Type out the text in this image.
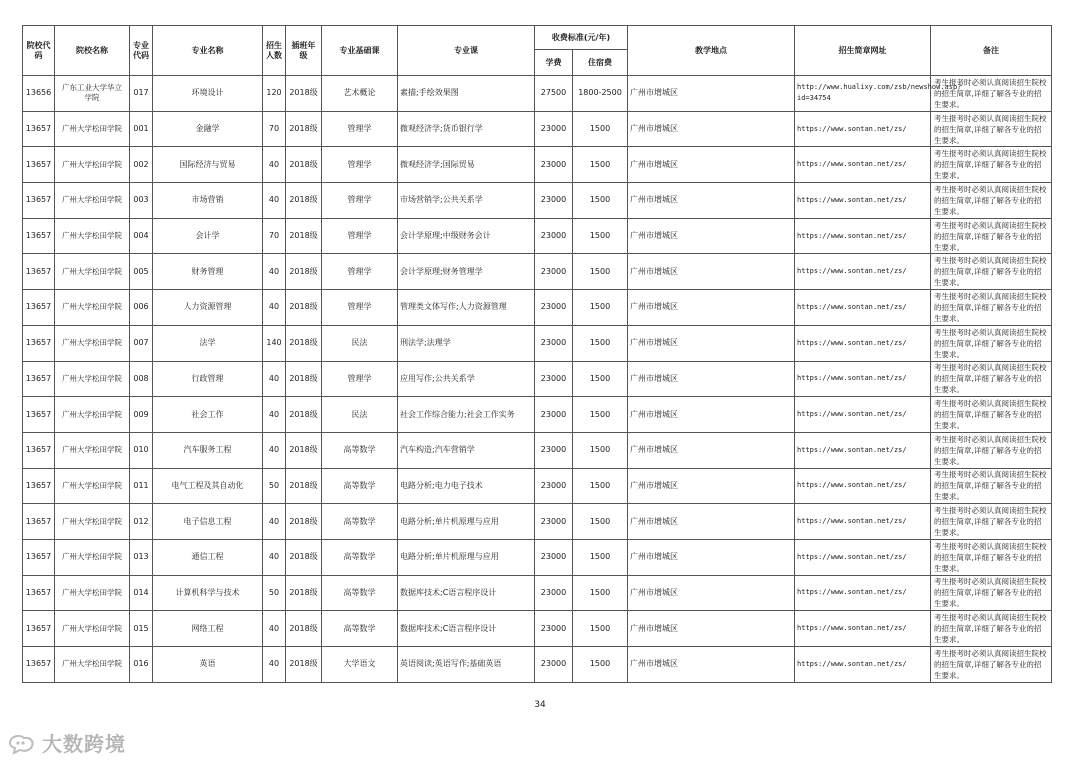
院校代码	院校名称	专业代码	专业名称	招生人数	插班年级	专业基础课	专业课	收费标准(元/年)		教学地点	招生简章网址	备注
								学费	住宿费			
13656	广东工业大学华立学院	017	环境设计	120	2018级	艺术概论	素描;手绘效果图	27500	1800-2500	广州市增城区	http://www.hualixy.com/zsb/newshow.asp?id=34754	考生报考时必须认真阅读招生院校的招生简章,详细了解各专业的招生要求。
13657	广州大学松田学院	001	金融学	70	2018级	管理学	微观经济学;货币银行学	23000	1500	广州市增城区	https://www.sontan.net/zs/	考生报考时必须认真阅读招生院校的招生简章,详细了解各专业的招生要求。
13657	广州大学松田学院	002	国际经济与贸易	40	2018级	管理学	微观经济学;国际贸易	23000	1500	广州市增城区	https://www.sontan.net/zs/	考生报考时必须认真阅读招生院校的招生简章,详细了解各专业的招生要求。
13657	广州大学松田学院	003	市场营销	40	2018级	管理学	市场营销学;公共关系学	23000	1500	广州市增城区	https://www.sontan.net/zs/	考生报考时必须认真阅读招生院校的招生简章,详细了解各专业的招生要求。
13657	广州大学松田学院	004	会计学	70	2018级	管理学	会计学原理;中级财务会计	23000	1500	广州市增城区	https://www.sontan.net/zs/	考生报考时必须认真阅读招生院校的招生简章,详细了解各专业的招生要求。
13657	广州大学松田学院	005	财务管理	40	2018级	管理学	会计学原理;财务管理学	23000	1500	广州市增城区	https://www.sontan.net/zs/	考生报考时必须认真阅读招生院校的招生简章,详细了解各专业的招生要求。
13657	广州大学松田学院	006	人力资源管理	40	2018级	管理学	管理类文体写作;人力资源管理	23000	1500	广州市增城区	https://www.sontan.net/zs/	考生报考时必须认真阅读招生院校的招生简章,详细了解各专业的招生要求。
13657	广州大学松田学院	007	法学	140	2018级	民法	刑法学;法理学	23000	1500	广州市增城区	https://www.sontan.net/zs/	考生报考时必须认真阅读招生院校的招生简章,详细了解各专业的招生要求。
13657	广州大学松田学院	008	行政管理	40	2018级	管理学	应用写作;公共关系学	23000	1500	广州市增城区	https://www.sontan.net/zs/	考生报考时必须认真阅读招生院校的招生简章,详细了解各专业的招生要求。
13657	广州大学松田学院	009	社会工作	40	2018级	民法	社会工作综合能力;社会工作实务	23000	1500	广州市增城区	https://www.sontan.net/zs/	考生报考时必须认真阅读招生院校的招生简章,详细了解各专业的招生要求。
13657	广州大学松田学院	010	汽车服务工程	40	2018级	高等数学	汽车构造;汽车营销学	23000	1500	广州市增城区	https://www.sontan.net/zs/	考生报考时必须认真阅读招生院校的招生简章,详细了解各专业的招生要求。
13657	广州大学松田学院	011	电气工程及其自动化	50	2018级	高等数学	电路分析;电力电子技术	23000	1500	广州市增城区	https://www.sontan.net/zs/	考生报考时必须认真阅读招生院校的招生简章,详细了解各专业的招生要求。
13657	广州大学松田学院	012	电子信息工程	40	2018级	高等数学	电路分析;单片机原理与应用	23000	1500	广州市增城区	https://www.sontan.net/zs/	考生报考时必须认真阅读招生院校的招生简章,详细了解各专业的招生要求。
13657	广州大学松田学院	013	通信工程	40	2018级	高等数学	电路分析;单片机原理与应用	23000	1500	广州市增城区	https://www.sontan.net/zs/	考生报考时必须认真阅读招生院校的招生简章,详细了解各专业的招生要求。
13657	广州大学松田学院	014	计算机科学与技术	50	2018级	高等数学	数据库技术;C语言程序设计	23000	1500	广州市增城区	https://www.sontan.net/zs/	考生报考时必须认真阅读招生院校的招生简章,详细了解各专业的招生要求。
13657	广州大学松田学院	015	网络工程	40	2018级	高等数学	数据库技术;C语言程序设计	23000	1500	广州市增城区	https://www.sontan.net/zs/	考生报考时必须认真阅读招生院校的招生简章,详细了解各专业的招生要求。
13657	广州大学松田学院	016	英语	40	2018级	大学语文	英语阅读;英语写作;基础英语	23000	1500	广州市增城区	https://www.sontan.net/zs/	考生报考时必须认真阅读招生院校的招生简章,详细了解各专业的招生要求。
34
大数跨境
